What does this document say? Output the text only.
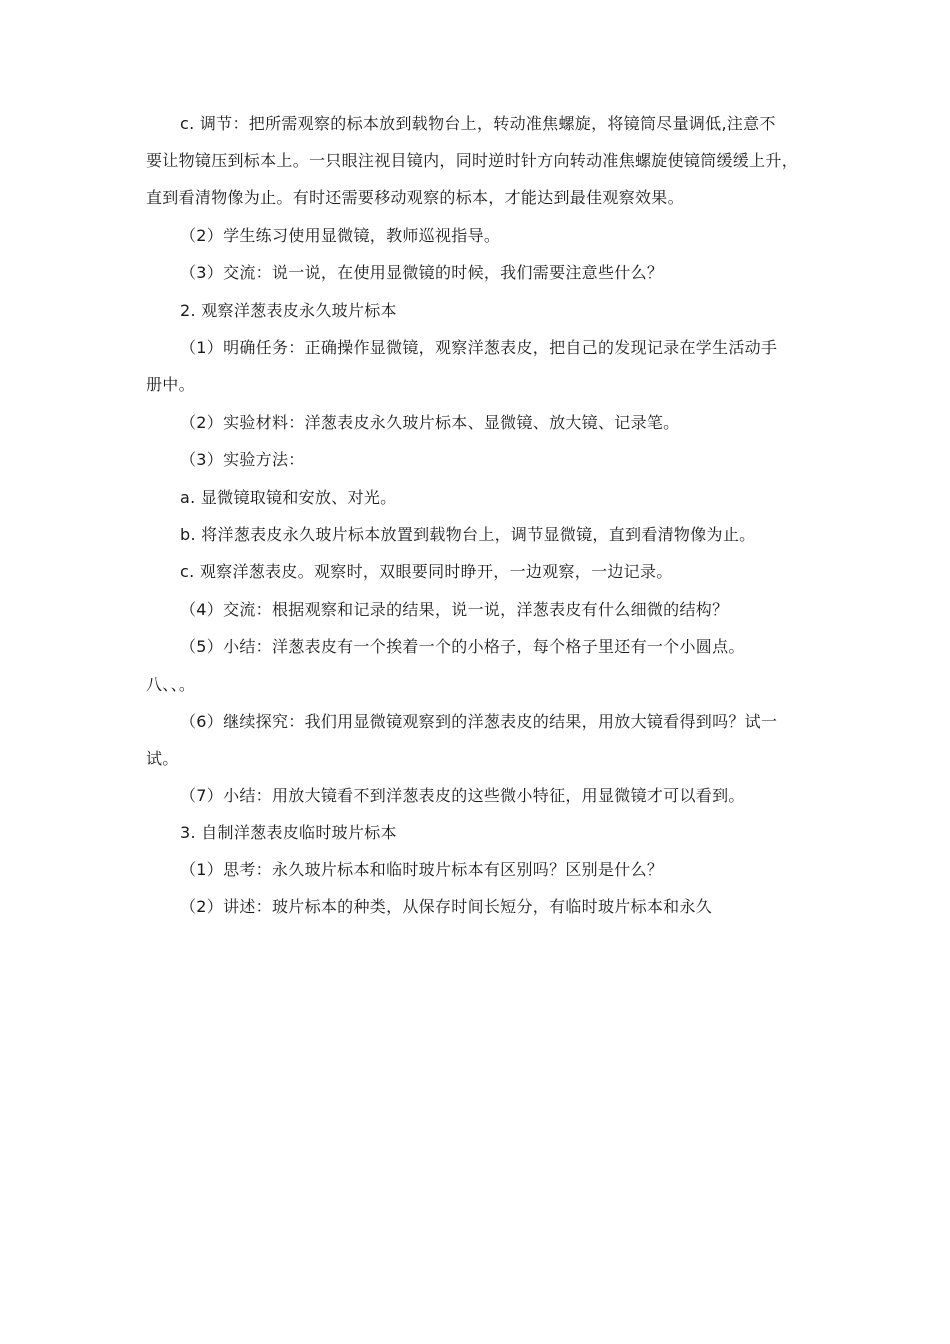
c. 调节：把所需观察的标本放到载物台上，转动准焦螺旋，将镜筒尽量调低,注意不
要让物镜压到标本上。一只眼注视目镜内，同时逆时针方向转动准焦螺旋使镜筒缓缓上升，
直到看清物像为止。有时还需要移动观察的标本，才能达到最佳观察效果。
（2）学生练习使用显微镜，教师巡视指导。
（3）交流：说一说，在使用显微镜的时候，我们需要注意些什么？
2. 观察洋葱表皮永久玻片标本
（1）明确任务：正确操作显微镜，观察洋葱表皮，把自己的发现记录在学生活动手
册中。
（2）实验材料：洋葱表皮永久玻片标本、显微镜、放大镜、记录笔。
（3）实验方法：
a. 显微镜取镜和安放、对光。
b. 将洋葱表皮永久玻片标本放置到载物台上，调节显微镜，直到看清物像为止。
c. 观察洋葱表皮。观察时，双眼要同时睁开，一边观察，一边记录。
（4）交流：根据观察和记录的结果，说一说，洋葱表皮有什么细微的结构？
（5）小结：洋葱表皮有一个挨着一个的小格子，每个格子里还有一个小圆点。
八、、。
（6）继续探究：我们用显微镜观察到的洋葱表皮的结果，用放大镜看得到吗？试一
试。
（7）小结：用放大镜看不到洋葱表皮的这些微小特征，用显微镜才可以看到。
3. 自制洋葱表皮临时玻片标本
（1）思考：永久玻片标本和临时玻片标本有区别吗？区别是什么？
（2）讲述：玻片标本的种类，从保存时间长短分，有临时玻片标本和永久
